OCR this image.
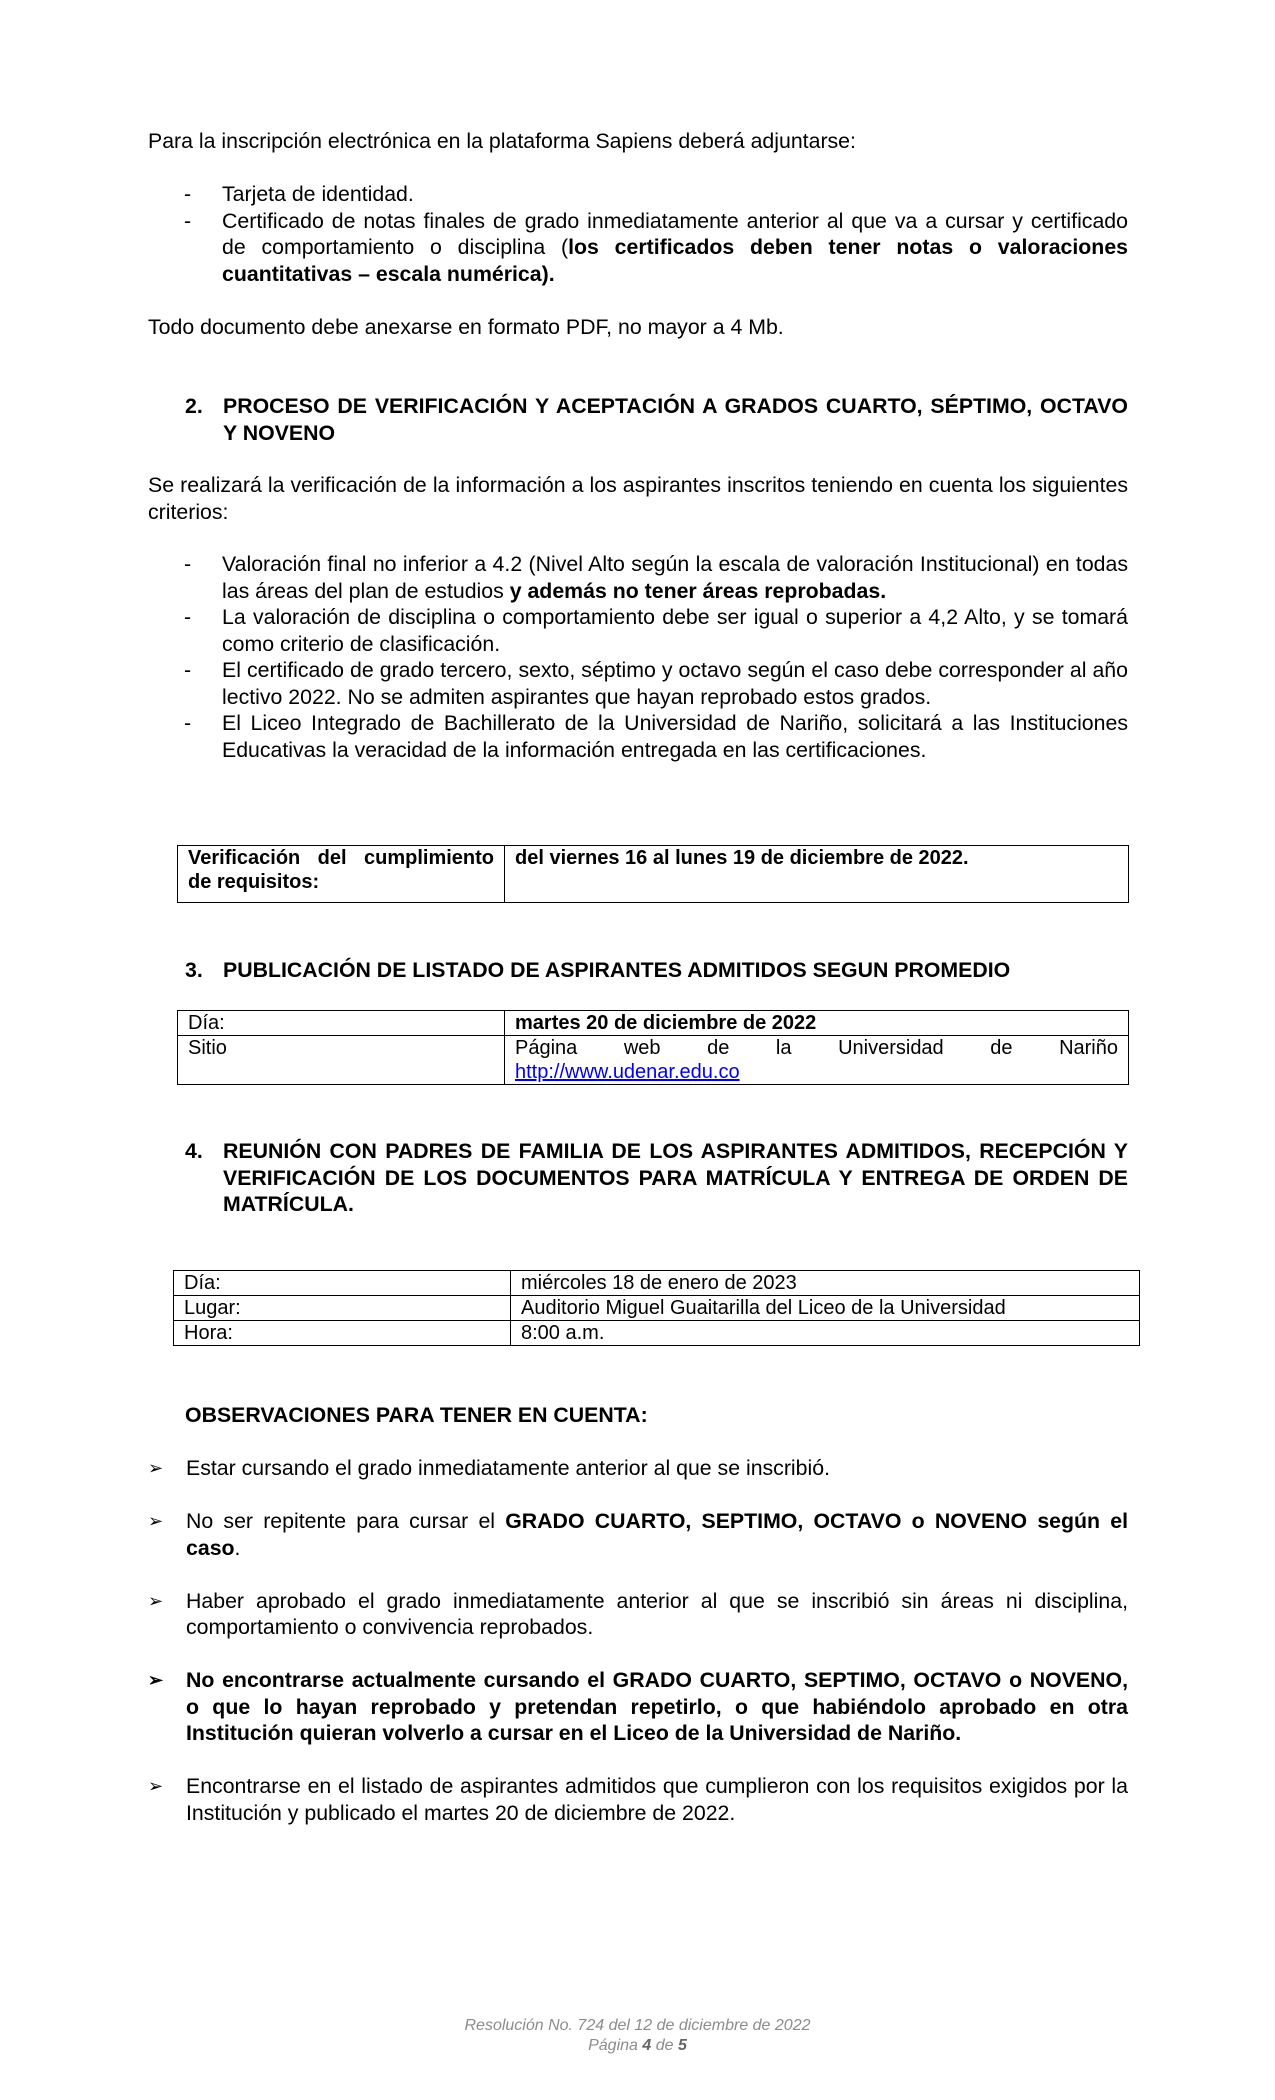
Para la inscripción electrónica en la plataforma Sapiens deberá adjuntarse:
- Tarjeta de identidad.
- Certificado de notas finales de grado inmediatamente anterior al que va a cursar y certificado de comportamiento o disciplina (los certificados deben tener notas o valoraciones cuantitativas – escala numérica).
Todo documento debe anexarse en formato PDF, no mayor a 4 Mb.
2. PROCESO DE VERIFICACIÓN Y ACEPTACIÓN A GRADOS CUARTO, SÉPTIMO, OCTAVO Y NOVENO
Se realizará la verificación de la información a los aspirantes inscritos teniendo en cuenta los siguientes criterios:
- Valoración final no inferior a 4.2 (Nivel Alto según la escala de valoración Institucional) en todas las áreas del plan de estudios y además no tener áreas reprobadas.
- La valoración de disciplina o comportamiento debe ser igual o superior a 4,2 Alto, y se tomará como criterio de clasificación.
- El certificado de grado tercero, sexto, séptimo y octavo según el caso debe corresponder al año lectivo 2022. No se admiten aspirantes que hayan reprobado estos grados.
- El Liceo Integrado de Bachillerato de la Universidad de Nariño, solicitará a las Instituciones Educativas la veracidad de la información entregada en las certificaciones.
Verificación del cumplimiento de requisitos:	del viernes 16 al lunes 19 de diciembre de 2022.
3. PUBLICACIÓN DE LISTADO DE ASPIRANTES ADMITIDOS SEGUN PROMEDIO
Día:	martes 20 de diciembre de 2022
Sitio	Página web de la Universidad de Nariño
http://www.udenar.edu.co
4. REUNIÓN CON PADRES DE FAMILIA DE LOS ASPIRANTES ADMITIDOS, RECEPCIÓN Y VERIFICACIÓN DE LOS DOCUMENTOS PARA MATRÍCULA Y ENTREGA DE ORDEN DE MATRÍCULA.
Día:	miércoles 18 de enero de 2023
Lugar:	Auditorio Miguel Guaitarilla del Liceo de la Universidad
Hora:	8:00 a.m.
OBSERVACIONES PARA TENER EN CUENTA:
➢ Estar cursando el grado inmediatamente anterior al que se inscribió.
➢ No ser repitente para cursar el GRADO CUARTO, SEPTIMO, OCTAVO o NOVENO según el caso.
➢ Haber aprobado el grado inmediatamente anterior al que se inscribió sin áreas ni disciplina, comportamiento o convivencia reprobados.
➢ No encontrarse actualmente cursando el GRADO CUARTO, SEPTIMO, OCTAVO o NOVENO, o que lo hayan reprobado y pretendan repetirlo, o que habiéndolo aprobado en otra Institución quieran volverlo a cursar en el Liceo de la Universidad de Nariño.
➢ Encontrarse en el listado de aspirantes admitidos que cumplieron con los requisitos exigidos por la Institución y publicado el martes 20 de diciembre de 2022.
Resolución No. 724 del 12 de diciembre de 2022
Página 4 de 5
